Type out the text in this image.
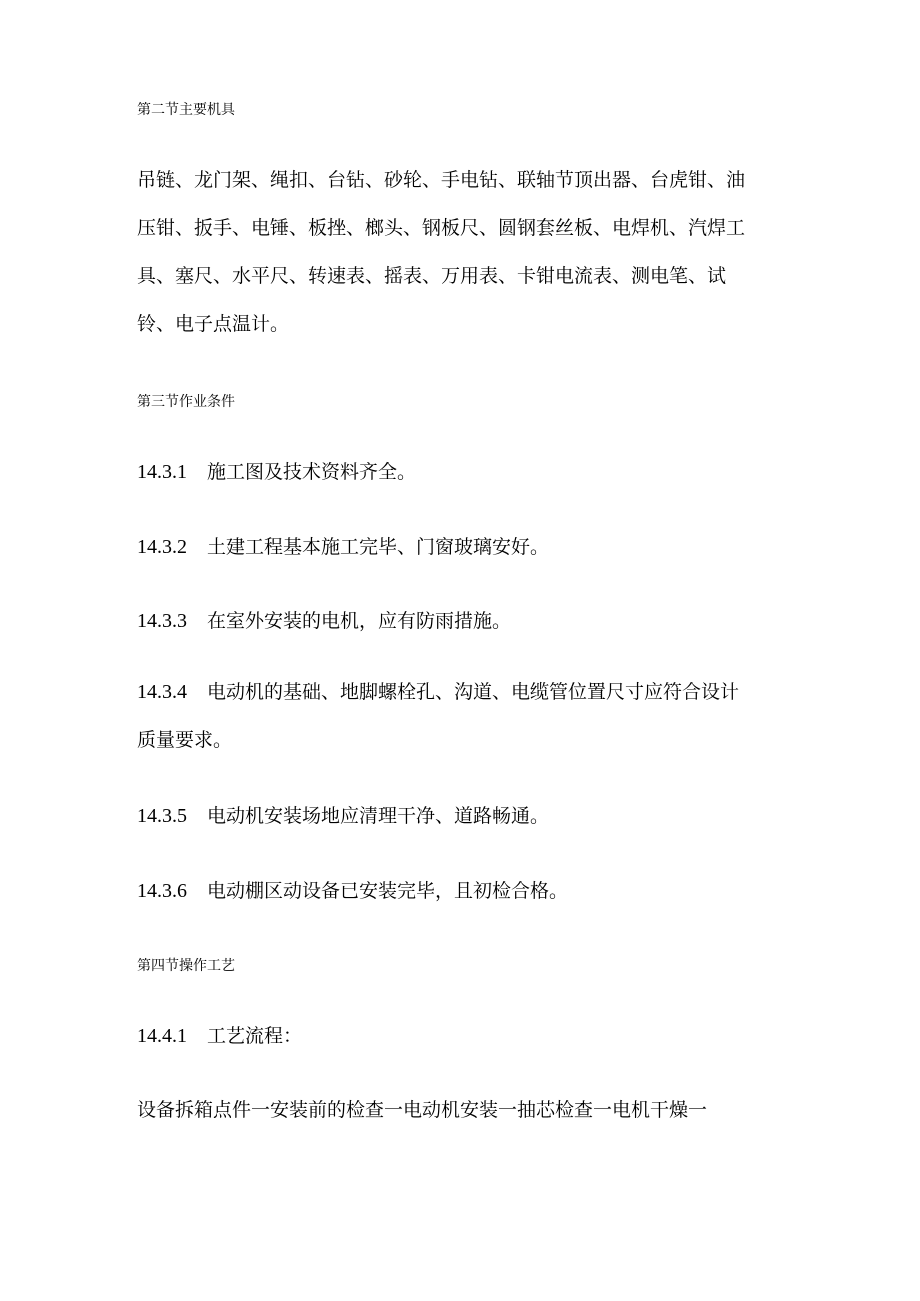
第二节主要机具
吊链、龙门架、绳扣、台钻、砂轮、手电钻、联轴节顶出器、台虎钳、油
压钳、扳手、电锤、板挫、榔头、钢板尺、圆钢套丝板、电焊机、汽焊工
具、塞尺、水平尺、转速表、摇表、万用表、卡钳电流表、测电笔、试
铃、电子点温计。
第三节作业条件
14.3.1 施工图及技术资料齐全。
14.3.2 土建工程基本施工完毕、门窗玻璃安好。
14.3.3 在室外安装的电机，应有防雨措施。
14.3.4 电动机的基础、地脚螺栓孔、沟道、电缆管位置尺寸应符合设计
质量要求。
14.3.5 电动机安装场地应清理干净、道路畅通。
14.3.6 电动棚区动设备已安装完毕，且初检合格。
第四节操作工艺
14.4.1 工艺流程：
设备拆箱点件一安装前的检查一电动机安装一抽芯检查一电机干燥一
